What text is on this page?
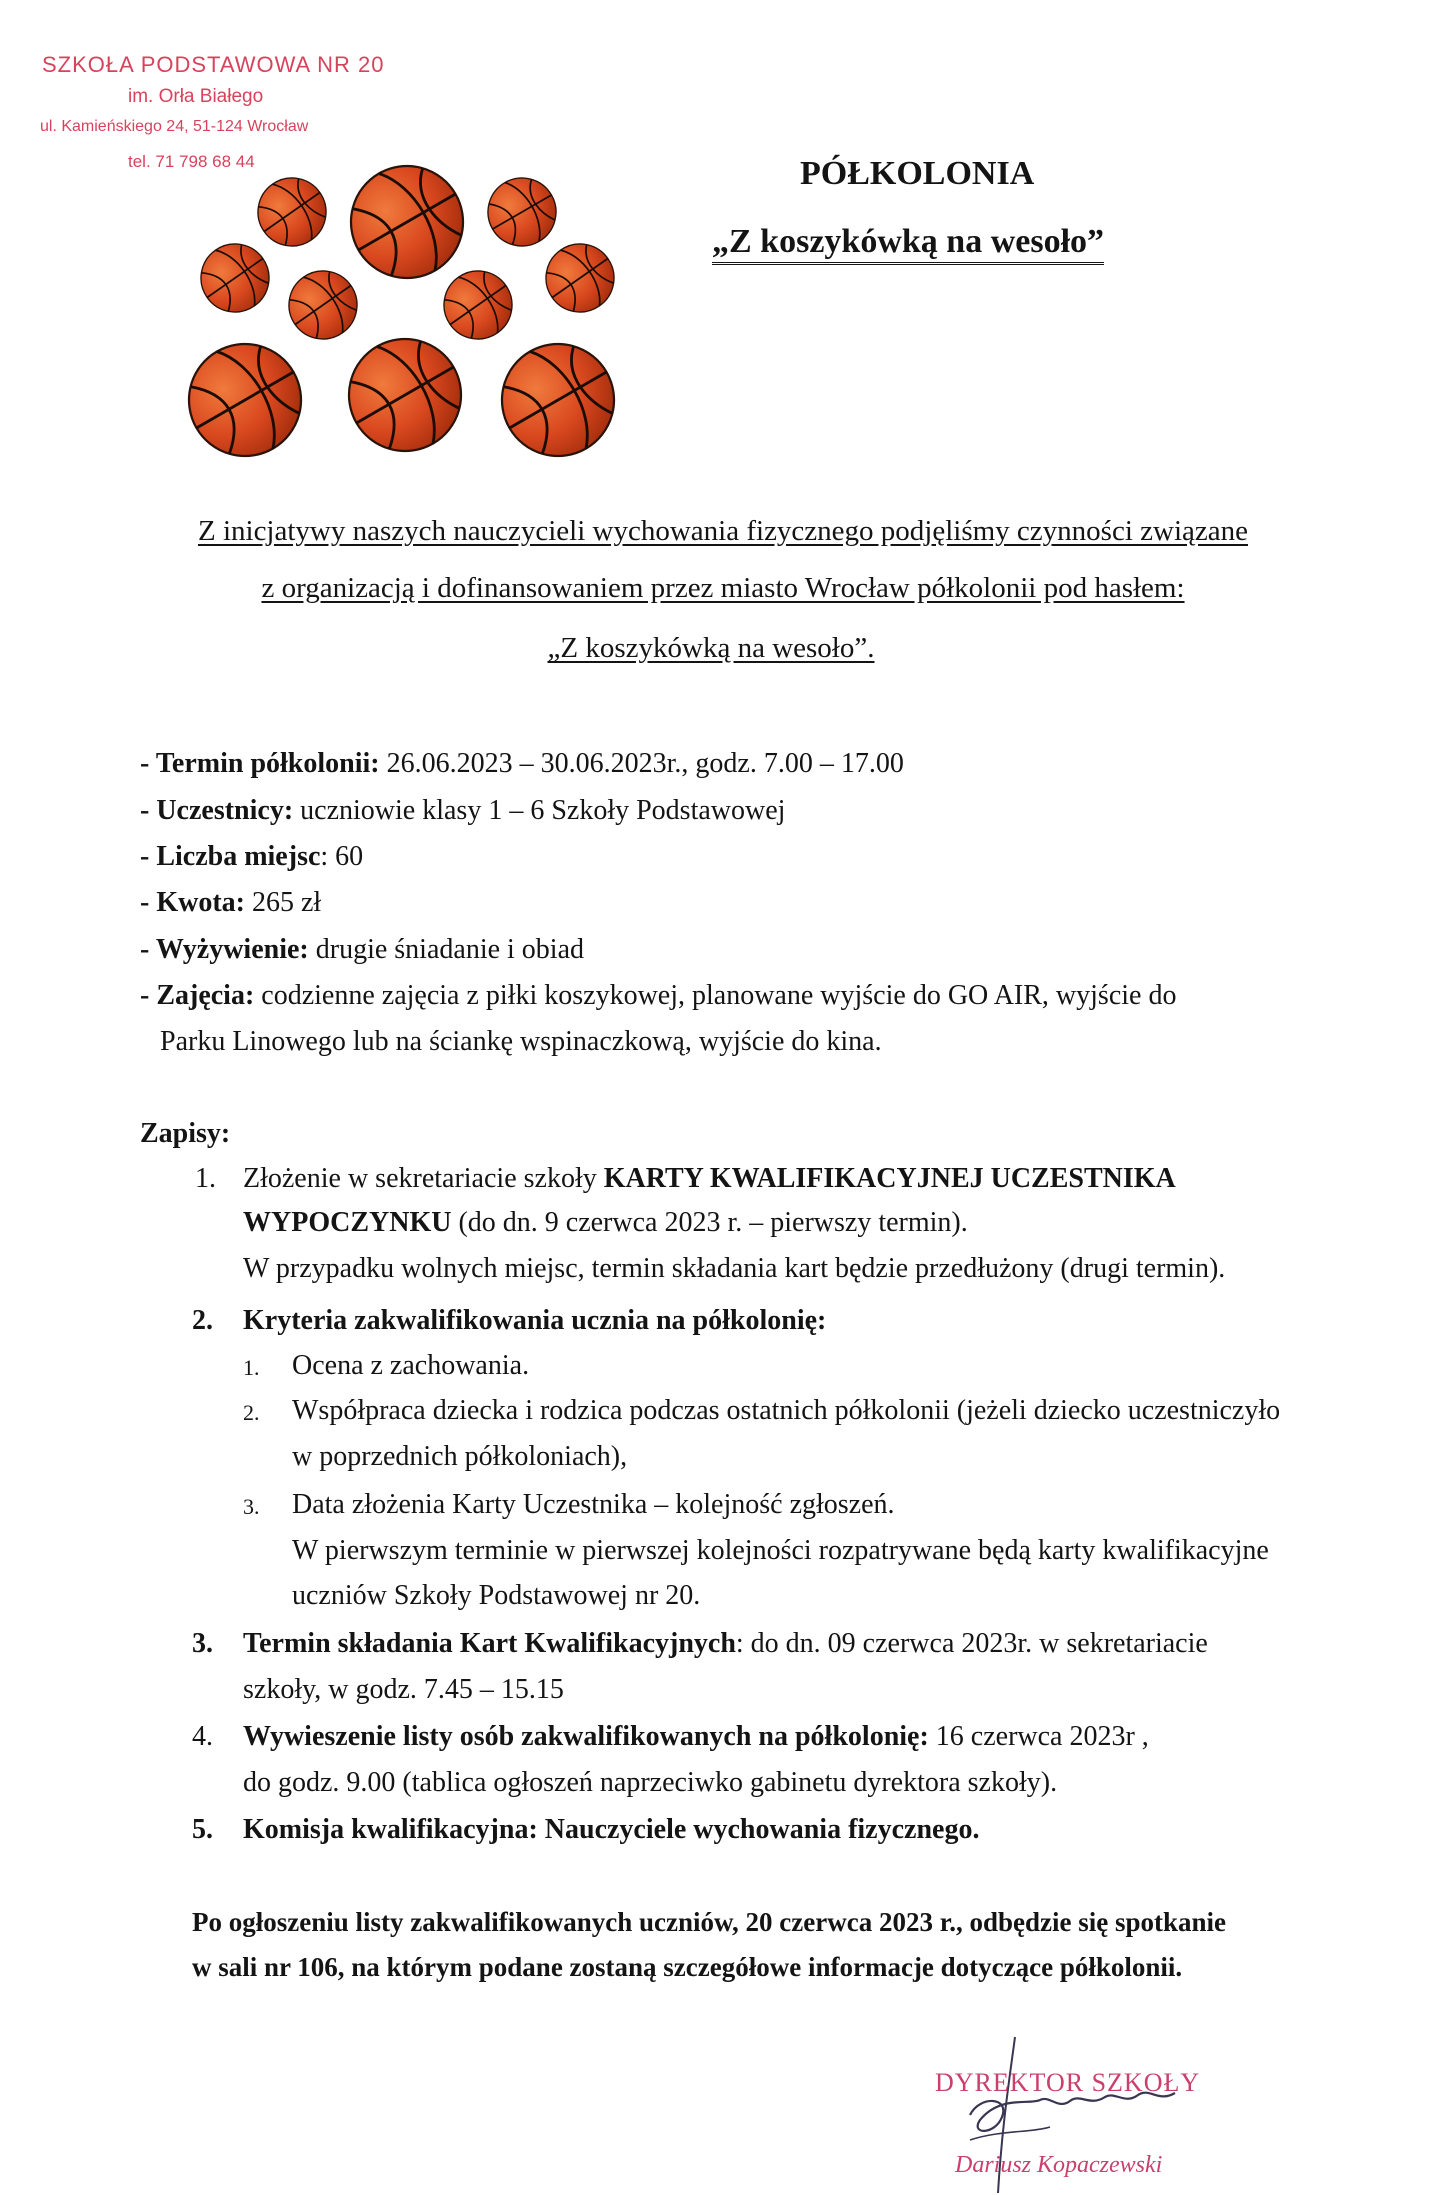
SZKOŁA PODSTAWOWA NR 20
im. Orła Białego
ul. Kamieńskiego 24, 51-124 Wrocław
tel. 71 798 68 44	PÓŁKOLONIA
„Z koszykówką na wesoło”
Z inicjatywy naszych nauczycieli wychowania fizycznego podjęliśmy czynności związane
z organizacją i dofinansowaniem przez miasto Wrocław półkolonii pod hasłem:
„Z koszykówką na wesoło”.
- Termin półkolonii: 26.06.2023 – 30.06.2023r., godz. 7.00 – 17.00
- Uczestnicy: uczniowie klasy 1 – 6 Szkoły Podstawowej
- Liczba miejsc: 60
- Kwota: 265 zł
- Wyżywienie: drugie śniadanie i obiad
- Zajęcia: codzienne zajęcia z piłki koszykowej, planowane wyjście do GO AIR, wyjście do
Parku Linowego lub na ściankę wspinaczkową, wyjście do kina.
Zapisy:
1. Złożenie w sekretariacie szkoły KARTY KWALIFIKACYJNEJ UCZESTNIKA
WYPOCZYNKU (do dn. 9 czerwca 2023 r. – pierwszy termin).
W przypadku wolnych miejsc, termin składania kart będzie przedłużony (drugi termin).
2. Kryteria zakwalifikowania ucznia na półkolonię:
1. Ocena z zachowania.
2. Współpraca dziecka i rodzica podczas ostatnich półkolonii (jeżeli dziecko uczestniczyło
w poprzednich półkoloniach),
3. Data złożenia Karty Uczestnika – kolejność zgłoszeń.
W pierwszym terminie w pierwszej kolejności rozpatrywane będą karty kwalifikacyjne
uczniów Szkoły Podstawowej nr 20.
3. Termin składania Kart Kwalifikacyjnych: do dn. 09 czerwca 2023r. w sekretariacie
szkoły, w godz. 7.45 – 15.15
4. Wywieszenie listy osób zakwalifikowanych na półkolonię: 16 czerwca 2023r ,
do godz. 9.00 (tablica ogłoszeń naprzeciwko gabinetu dyrektora szkoły).
5. Komisja kwalifikacyjna: Nauczyciele wychowania fizycznego.
Po ogłoszeniu listy zakwalifikowanych uczniów, 20 czerwca 2023 r., odbędzie się spotkanie
w sali nr 106, na którym podane zostaną szczegółowe informacje dotyczące półkolonii.
DYREKTOR SZKOŁY
Dariusz Kopaczewski
